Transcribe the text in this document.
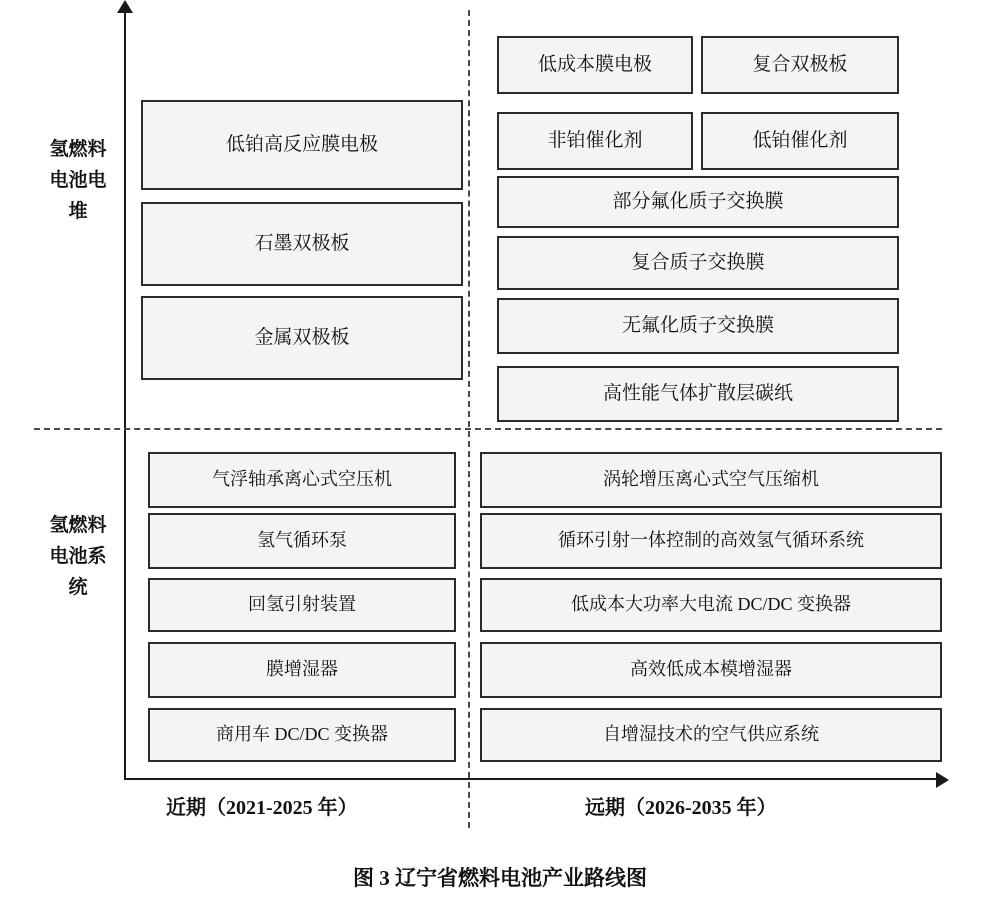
氢燃料电池电堆
氢燃料电池系统
近期（2021-2025 年）	远期（2026-2035 年）
低铂高反应膜电极
石墨双极板
金属双极板
低成本膜电极	复合双极板
非铂催化剂	低铂催化剂
部分氟化质子交换膜
复合质子交换膜
无氟化质子交换膜
高性能气体扩散层碳纸
气浮轴承离心式空压机
氢气循环泵
回氢引射装置
膜增湿器
商用车 DC/DC 变换器
涡轮增压离心式空气压缩机
循环引射一体控制的高效氢气循环系统
低成本大功率大电流 DC/DC 变换器
高效低成本模增湿器
自增湿技术的空气供应系统
图 3 辽宁省燃料电池产业路线图
